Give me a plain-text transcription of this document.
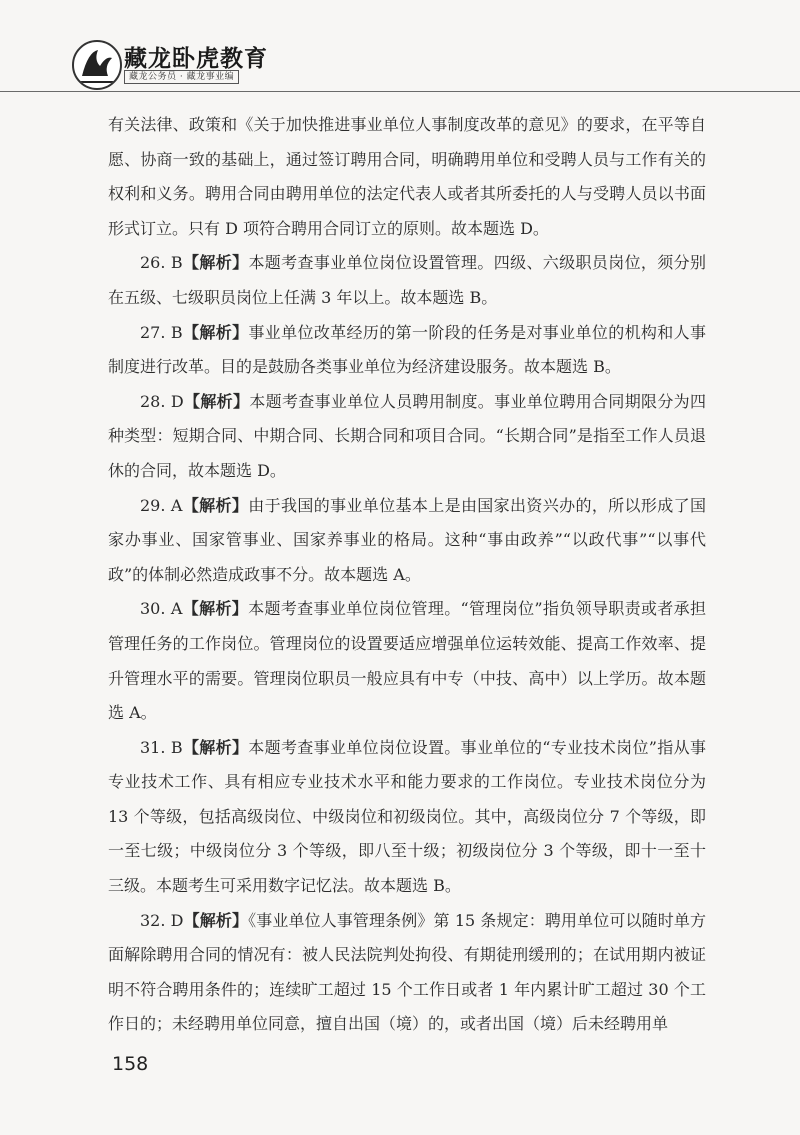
藏龙卧虎教育
藏龙公务员 · 藏龙事业编

有关法律、政策和《关于加快推进事业单位人事制度改革的意见》的要求，在平等自愿、协商一致的基础上，通过签订聘用合同，明确聘用单位和受聘人员与工作有关的权利和义务。聘用合同由聘用单位的法定代表人或者其所委托的人与受聘人员以书面形式订立。只有 D 项符合聘用合同订立的原则。故本题选 D。

26. B【解析】本题考查事业单位岗位设置管理。四级、六级职员岗位，须分别在五级、七级职员岗位上任满 3 年以上。故本题选 B。

27. B【解析】事业单位改革经历的第一阶段的任务是对事业单位的机构和人事制度进行改革。目的是鼓励各类事业单位为经济建设服务。故本题选 B。

28. D【解析】本题考查事业单位人员聘用制度。事业单位聘用合同期限分为四种类型：短期合同、中期合同、长期合同和项目合同。“长期合同”是指至工作人员退休的合同，故本题选 D。

29. A【解析】由于我国的事业单位基本上是由国家出资兴办的，所以形成了国家办事业、国家管事业、国家养事业的格局。这种“事由政养”“以政代事”“以事代政”的体制必然造成政事不分。故本题选 A。

30. A【解析】本题考查事业单位岗位管理。“管理岗位”指负领导职责或者承担管理任务的工作岗位。管理岗位的设置要适应增强单位运转效能、提高工作效率、提升管理水平的需要。管理岗位职员一般应具有中专（中技、高中）以上学历。故本题选 A。

31. B【解析】本题考查事业单位岗位设置。事业单位的“专业技术岗位”指从事专业技术工作、具有相应专业技术水平和能力要求的工作岗位。专业技术岗位分为 13 个等级，包括高级岗位、中级岗位和初级岗位。其中，高级岗位分 7 个等级，即一至七级；中级岗位分 3 个等级，即八至十级；初级岗位分 3 个等级，即十一至十三级。本题考生可采用数字记忆法。故本题选 B。

32. D【解析】《事业单位人事管理条例》第 15 条规定：聘用单位可以随时单方面解除聘用合同的情况有：被人民法院判处拘役、有期徒刑缓刑的；在试用期内被证明不符合聘用条件的；连续旷工超过 15 个工作日或者 1 年内累计旷工超过 30 个工作日的；未经聘用单位同意，擅自出国（境）的，或者出国（境）后未经聘用单

158
